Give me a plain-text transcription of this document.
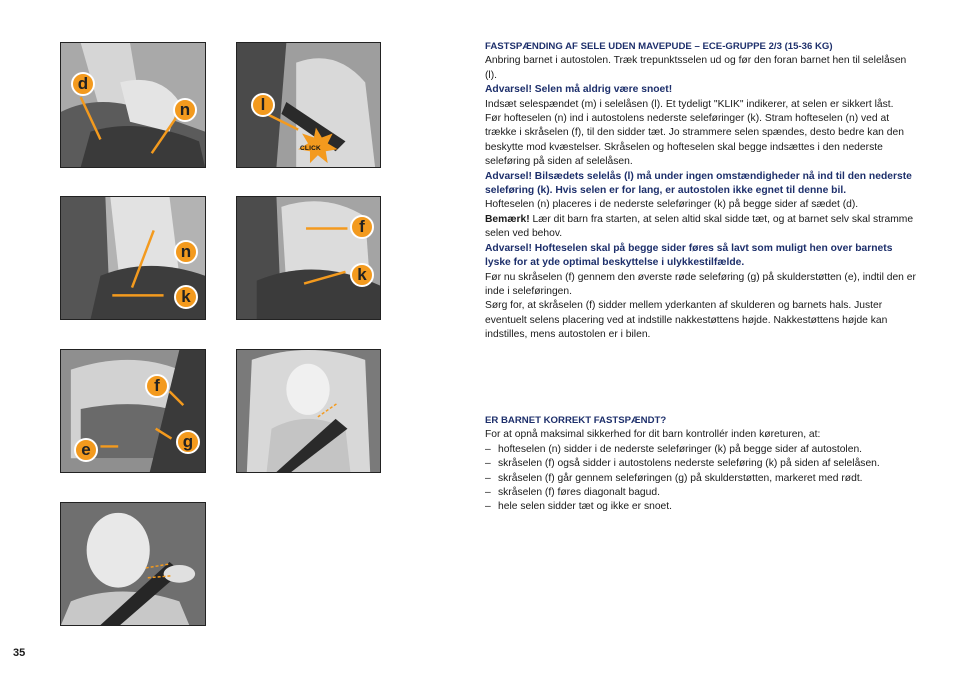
d
n	l
CLICK
n
k
f
k
f
e	g

FASTSPÆNDING AF SELE UDEN MAVEPUDE – ECE-GRUPPE 2/3 (15-36 KG)

Anbring barnet i autostolen. Træk trepunktsselen ud og før den foran barnet hen til selelåsen (l).

Advarsel! Selen må aldrig være snoet!

Indsæt selespændet (m) i selelåsen (l). Et tydeligt "KLIK" indikerer, at selen er sikkert låst.

Før hofteselen (n) ind i autostolens nederste seleføringer (k). Stram hofteselen (n) ved at trække i skråselen (f), til den sidder tæt. Jo strammere selen spændes, desto bedre kan den beskytte mod kvæstelser. Skråselen og hofteselen skal begge indsættes i den nederste seleføring på siden af selelåsen.

Advarsel! Bilsædets selelås (l) må under ingen omstændigheder nå ind til den nederste seleføring (k). Hvis selen er for lang, er autostolen ikke egnet til denne bil.

Hofteselen (n) placeres i de nederste seleføringer (k) på begge sider af sædet (d).

Bemærk! Lær dit barn fra starten, at selen altid skal sidde tæt, og at barnet selv skal stramme selen ved behov.

Advarsel! Hofteselen skal på begge sider føres så lavt som muligt hen over barnets lyske for at yde optimal beskyttelse i ulykkestilfælde.

Før nu skråselen (f) gennem den øverste røde seleføring (g) på skulderstøtten (e), indtil den er inde i seleføringen.

Sørg for, at skråselen (f) sidder mellem yderkanten af skulderen og barnets hals. Juster eventuelt selens placering ved at indstille nakkestøttens højde. Nakkestøttens højde kan indstilles, mens autostolen er i bilen.

ER BARNET KORREKT FASTSPÆNDT?

For at opnå maksimal sikkerhed for dit barn kontrollér inden køreturen, at:

– hofteselen (n) sidder i de nederste seleføringer (k) på begge sider af autostolen.

– skråselen (f) også sidder i autostolens nederste seleføring (k) på siden af selelåsen.

– skråselen (f) går gennem seleføringen (g) på skulderstøtten, markeret med rødt.

– skråselen (f) føres diagonalt bagud.

– hele selen sidder tæt og ikke er snoet.

35
